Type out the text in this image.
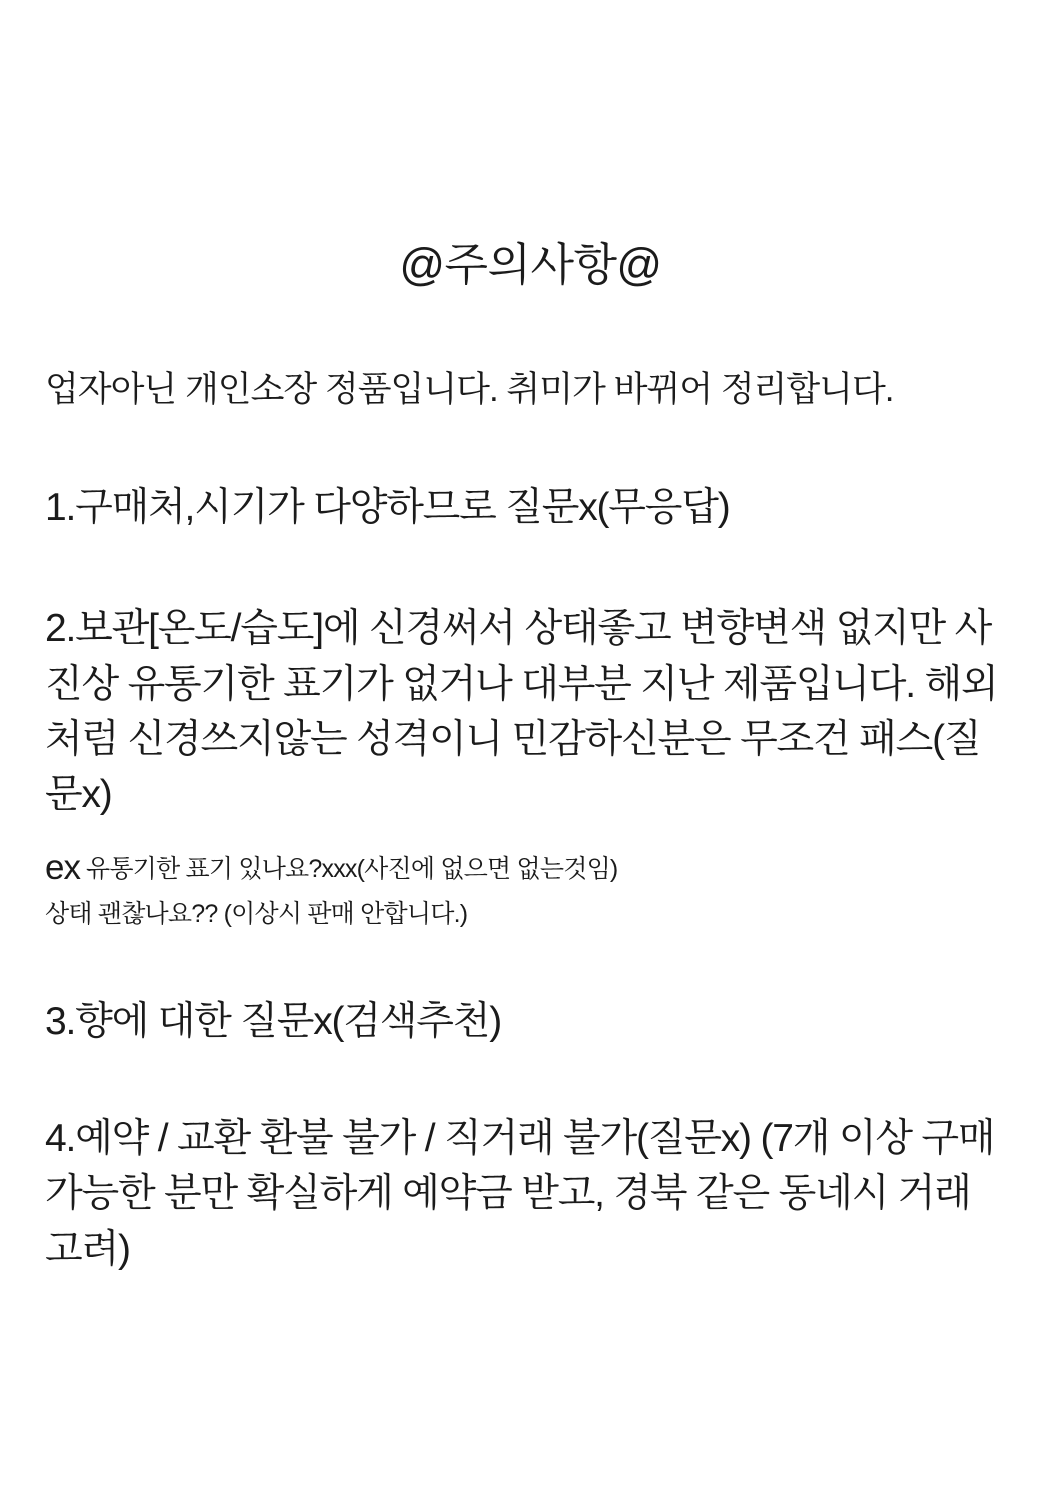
@주의사항@

업자아닌 개인소장 정품입니다. 취미가 바뀌어 정리합니다.

1.구매처,시기가 다양하므로 질문x(무응답)

2.보관[온도/습도]에 신경써서 상태좋고 변향변색 없지만 사진상 유통기한 표기가 없거나 대부분 지난 제품입니다. 해외처럼 신경쓰지않는 성격이니 민감하신분은 무조건 패스(질문x)

ex 유통기한 표기 있나요?xxx(사진에 없으면 없는것임)

상태 괜찮나요?? (이상시 판매 안합니다.)

3.향에 대한 질문x(검색추천)

4.예약 / 교환 환불 불가 / 직거래 불가(질문x) (7개 이상 구매가능한 분만 확실하게 예약금 받고, 경북 같은 동네시 거래 고려)
